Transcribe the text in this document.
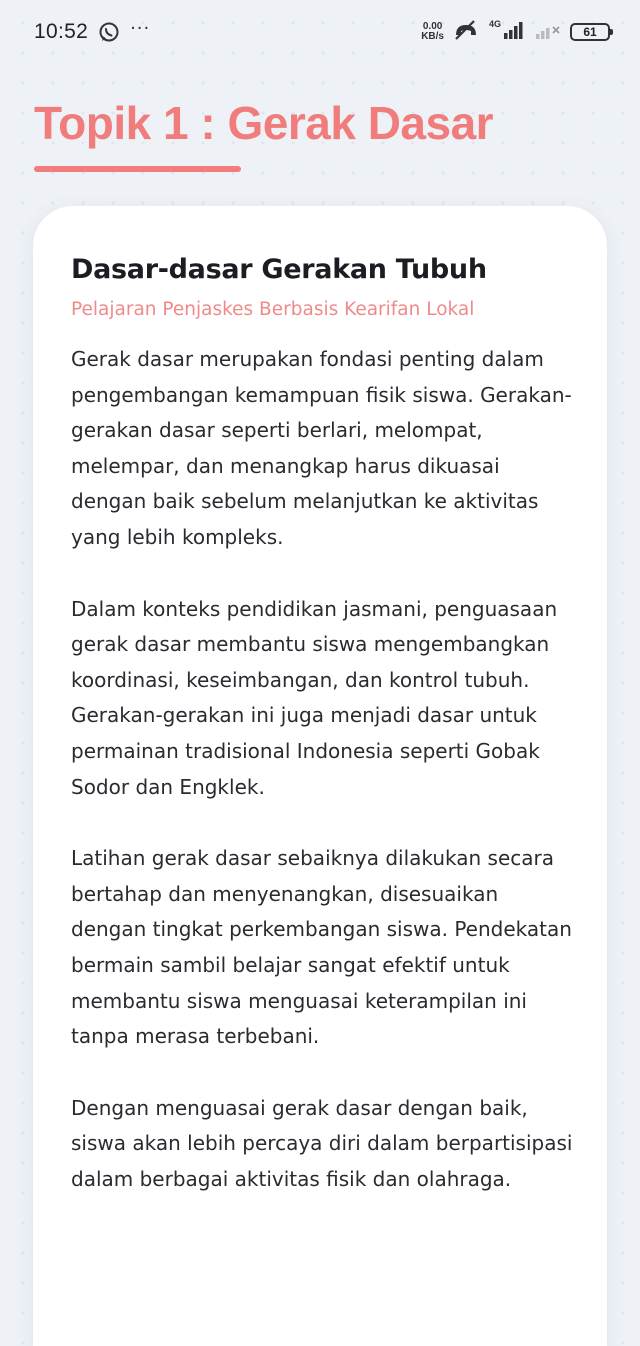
10:52 ···	0.00
KB/s
4G
61
Topik 1 : Gerak Dasar
Dasar-dasar Gerakan Tubuh
Pelajaran Penjaskes Berbasis Kearifan Lokal

Gerak dasar merupakan fondasi penting dalam pengembangan kemampuan fisik siswa. Gerakan-gerakan dasar seperti berlari, melompat, melempar, dan menangkap harus dikuasai dengan baik sebelum melanjutkan ke aktivitas yang lebih kompleks.

Dalam konteks pendidikan jasmani, penguasaan gerak dasar membantu siswa mengembangkan koordinasi, keseimbangan, dan kontrol tubuh. Gerakan-gerakan ini juga menjadi dasar untuk permainan tradisional Indonesia seperti Gobak Sodor dan Engklek.

Latihan gerak dasar sebaiknya dilakukan secara bertahap dan menyenangkan, disesuaikan dengan tingkat perkembangan siswa. Pendekatan bermain sambil belajar sangat efektif untuk membantu siswa menguasai keterampilan ini tanpa merasa terbebani.

Dengan menguasai gerak dasar dengan baik, siswa akan lebih percaya diri dalam berpartisipasi dalam berbagai aktivitas fisik dan olahraga.
